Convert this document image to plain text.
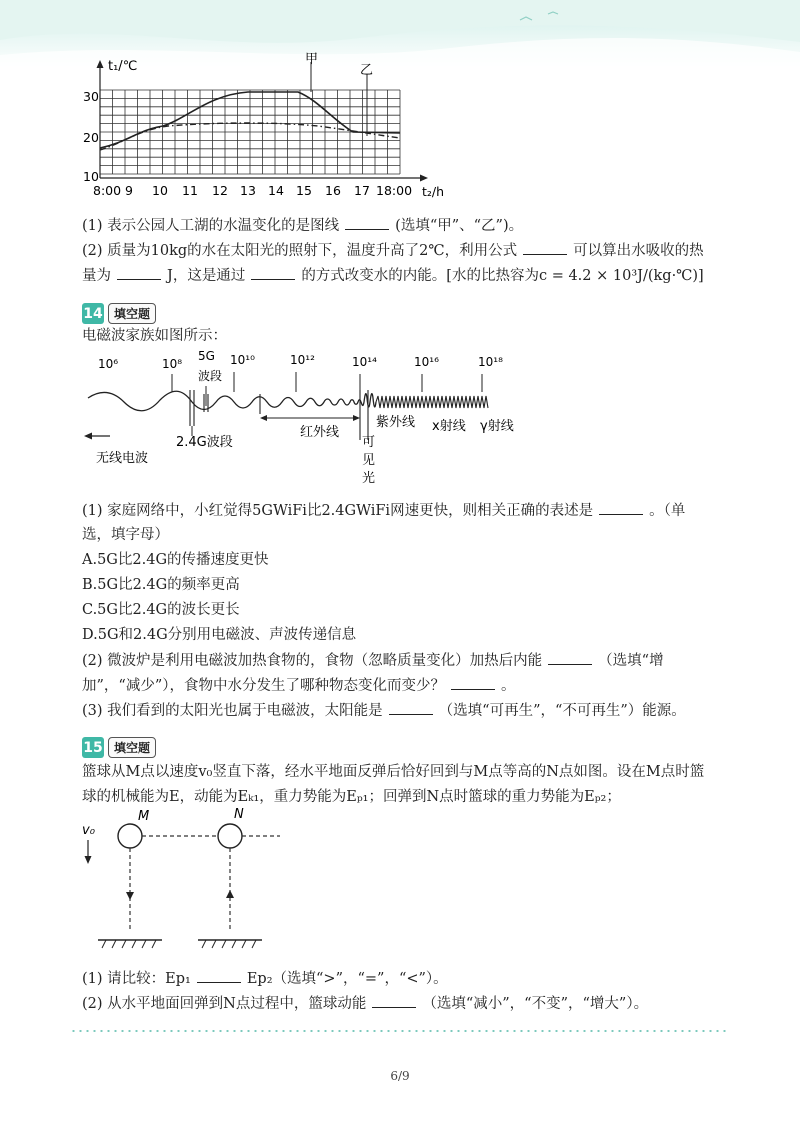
甲
乙
t₁/℃
30
20
10
8:00 9 10 11 12 13 14 15 16 17 18:00 t₂/h
(1) 表示公园人工湖的水温变化的是图线	(选填“甲”、“乙”)。
(2) 质量为10kg的水在太阳光的照射下，温度升高了2℃，利用公式	可以算出水吸收的热
量为	J，这是通过	的方式改变水的内能。[水的比热容为c = 4.2 × 10³J/(kg·℃)]
14 填空题
电磁波家族如图所示：
10⁶	10⁸
5G
波段
10¹⁰	10¹²	10¹⁴	10¹⁶	10¹⁸
红外线
2.4G波段	可
见
光
紫外线 x射线 γ射线
无线电波
(1) 家庭网络中，小红觉得5GWiFi比2.4GWiFi网速更快，则相关正确的表述是	。（单
选，填字母）
A.5G比2.4G的传播速度更快
B.5G比2.4G的频率更高
C.5G比2.4G的波长更长
D.5G和2.4G分别用电磁波、声波传递信息
(2) 微波炉是利用电磁波加热食物的，食物（忽略质量变化）加热后内能	（选填“增
加”，“减少”），食物中水分发生了哪种物态变化而变少？	。
(3) 我们看到的太阳光也属于电磁波，太阳能是	（选填“可再生”，“不可再生”）能源。
15 填空题
篮球从M点以速度v₀竖直下落，经水平地面反弹后恰好回到与M点等高的N点如图。设在M点时篮
球的机械能为E，动能为Eₖ₁，重力势能为Eₚ₁；回弹到N点时篮球的重力势能为Eₚ₂；
M	N
v₀
(1) 请比较：Ep₁	Ep₂（选填“>”，“=”，“<”）。
(2) 从水平地面回弹到N点过程中，篮球动能	（选填“减小”，“不变”，“增大”）。
6/9
